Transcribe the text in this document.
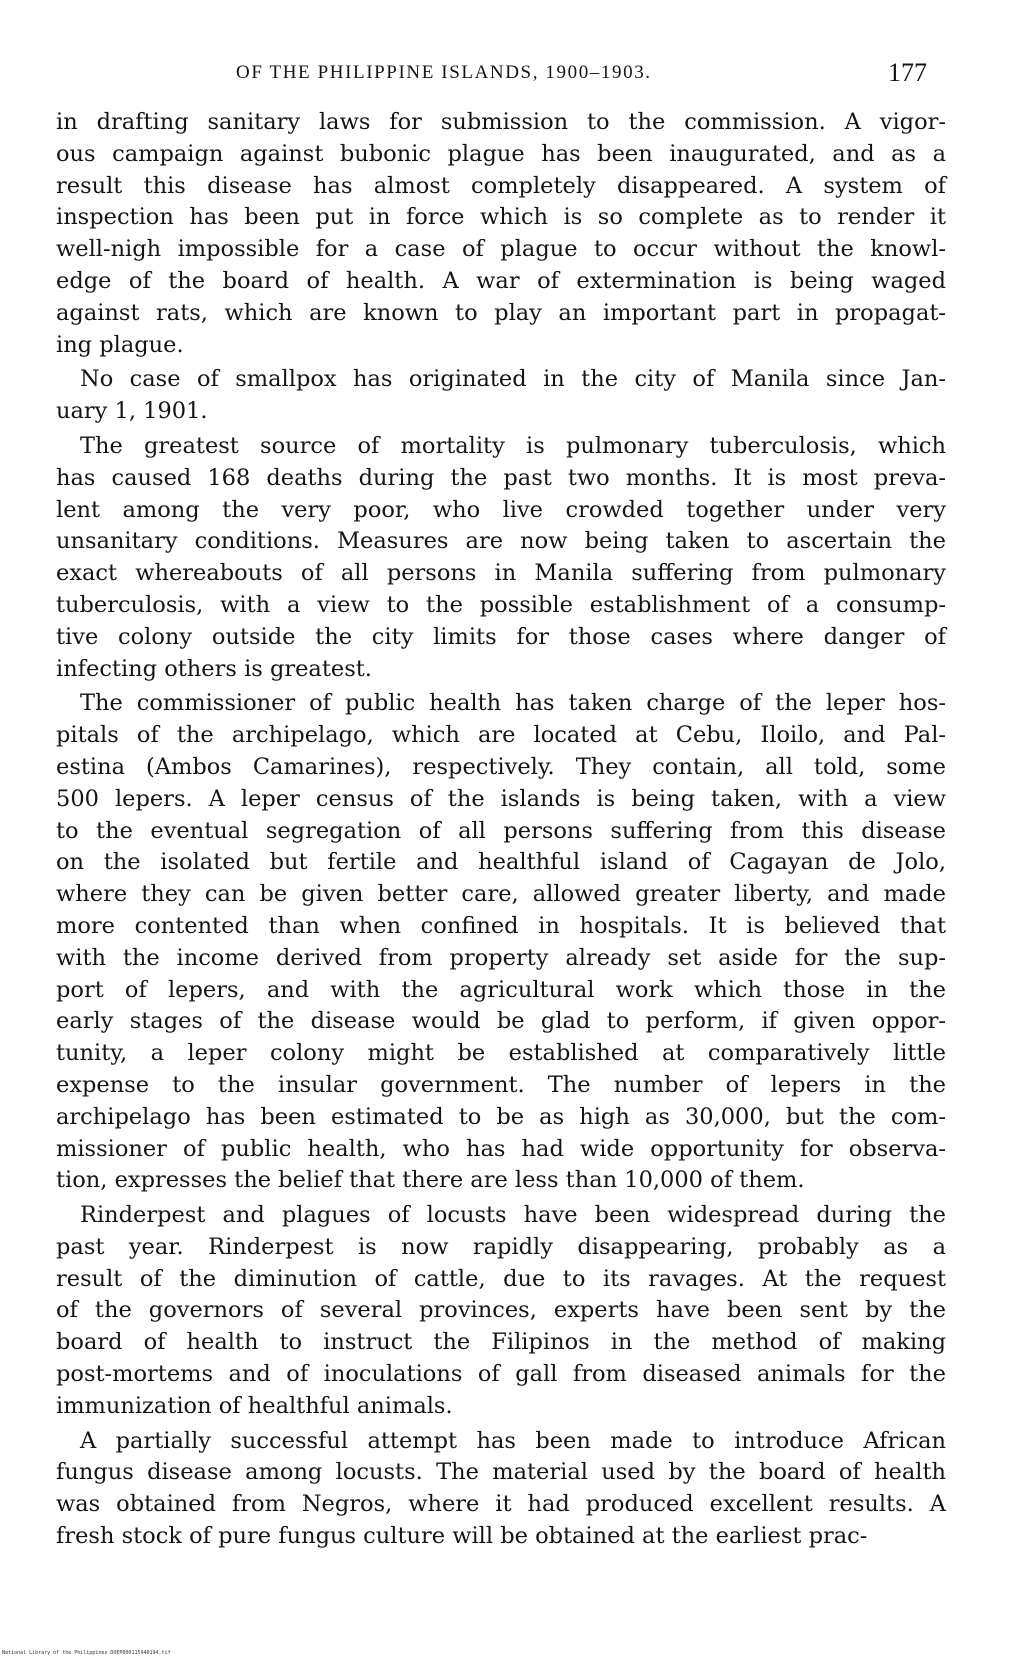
OF THE PHILIPPINE ISLANDS, 1900–1903.	177
in drafting sanitary laws for submission to the commission. A vigor-
ous campaign against bubonic plague has been inaugurated, and as a
result this disease has almost completely disappeared. A system of
inspection has been put in force which is so complete as to render it
well-nigh impossible for a case of plague to occur without the knowl-
edge of the board of health. A war of extermination is being waged
against rats, which are known to play an important part in propagat-
ing plague.
No case of smallpox has originated in the city of Manila since Jan-
uary 1, 1901.
The greatest source of mortality is pulmonary tuberculosis, which
has caused 168 deaths during the past two months. It is most preva-
lent among the very poor, who live crowded together under very
unsanitary conditions. Measures are now being taken to ascertain the
exact whereabouts of all persons in Manila suffering from pulmonary
tuberculosis, with a view to the possible establishment of a consump-
tive colony outside the city limits for those cases where danger of
infecting others is greatest.
The commissioner of public health has taken charge of the leper hos-
pitals of the archipelago, which are located at Cebu, Iloilo, and Pal-
estina (Ambos Camarines), respectively. They contain, all told, some
500 lepers. A leper census of the islands is being taken, with a view
to the eventual segregation of all persons suffering from this disease
on the isolated but fertile and healthful island of Cagayan de Jolo,
where they can be given better care, allowed greater liberty, and made
more contented than when confined in hospitals. It is believed that
with the income derived from property already set aside for the sup-
port of lepers, and with the agricultural work which those in the
early stages of the disease would be glad to perform, if given oppor-
tunity, a leper colony might be established at comparatively little
expense to the insular government. The number of lepers in the
archipelago has been estimated to be as high as 30,000, but the com-
missioner of public health, who has had wide opportunity for observa-
tion, expresses the belief that there are less than 10,000 of them.
Rinderpest and plagues of locusts have been widespread during the
past year. Rinderpest is now rapidly disappearing, probably as a
result of the diminution of cattle, due to its ravages. At the request
of the governors of several provinces, experts have been sent by the
board of health to instruct the Filipinos in the method of making
post-mortems and of inoculations of gall from diseased animals for the
immunization of healthful animals.
A partially successful attempt has been made to introduce African
fungus disease among locusts. The material used by the board of health
was obtained from Negros, where it had produced excellent results. A
fresh stock of pure fungus culture will be obtained at the earliest prac-
National Library of the Philippines DOEP000115940194.tif
